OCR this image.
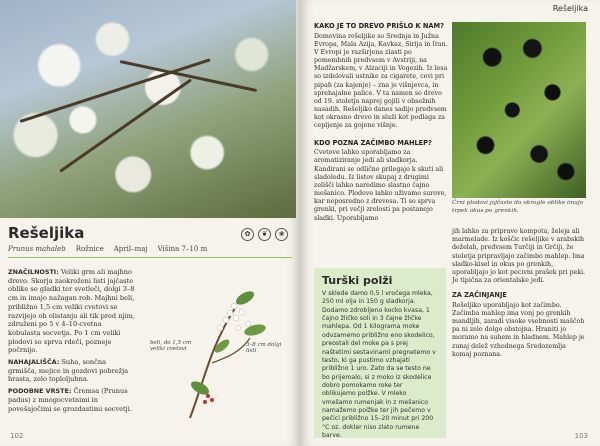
Rešeljika
Prunus mahaleb Rožnice April–maj Višina 7–10 m
✿	❦	❀

ZNAČILNOSTI: Veliki grm ali majhno drevo. Skorja zaokroženi listi jajčaste oblike so gladki ter svetleči, dolgi 3–8 cm in imajo nažagan rob. Majhni beli, približno 1,5 cm veliki cvetovi se razvijejo ob olistanju ali tik pred njim, združeni po 5 v 4–10-cvetna kobulasta socvetja. Po 1 cm veliki plodovi so sprva rdeči, pozneje počrnijo.

NAHAJALIŠČA: Suha, sončna grmišča, mejice in gozdovi pobrežja hrasta, zelo toploljubna.

PODOBNE VRSTE: Čremsa (Prunus padus) z mnogocvetnimi in povešajočimi se grozdastimi socvetji.

beli, do 1,5 cm veliki cvetovi
3–8 cm dolgi listi
102
Rešeljika
KAKO JE TO DREVO PRIŠLO K NAM?

Domovina rešeljike so Srednja in Južna Evropa, Mala Azija, Kavkaz, Sirija in Iran. V Evropi je razširjena zlasti po pomembnih predvsem v Avstriji, na Madžarskem, v Alzaciji in Vogezih. Iz lesa so izdelovali ustnike za cigarete, cevi pri pipah (za kajenje) – zna je višnjevca, in sprehajalne palice. V ta namen so drevo od 19. stoletja naprej gojili v obsežnih nasadih. Rešeljiko danes sadijo predvsem kot okrasno drevo in služi kot podlaga za cepljenje za gojene višnje.

KDO POZNA ZAČIMBO MAHLEP?

Cvetove lahko uporabljamo za aromatiziranje jedi ali sladkorja. Kandirani se odlično prilegajo k skuti ali sladoledu. Iz listov skupaj z drugimi zelišči lahko naredimo slastno čajno mešanico. Plodove lahko uživamo surove, kar neposredno z drevesa. Ti so sprva grenki, pri večji zrelosti pa postanejo sladki. Uporabljamo

Črni plodovi jajčaste do okrogle oblike imajo trpek okus po grenkih.
Turški polži
V sklede damo 0,5 l vročega mleka, 250 ml olja in 150 g sladkorja. Dodamo zdrobljeno kocko kvasa, 1 čajno žličko soli in 3 čajne žličke mahlepa. Od 1 kilograma moke odvzamemo približno eno skodelico, preostali del moke pa s prej naštetimi sestavinami pregnetemo v testo, ki ga pustimo vzhajati približno 1 uro. Zato da se testo ne bo prijemalo, si z moko iz skodelice dobro pomokamo roke ter oblikujemo polžke. V mleko vmešamo rumenjak in z mešanico namažemo polžke ter jih pečemo v pečici približno 15–20 minut pri 200 °C oz. dokler niso zlato rumene barve.

jih lahko za pripravo kompota, želeja ali marmelade. Iz koščic rešeljike v arabskih deželah, predvsem Turčiji in Grčiji, že stoletja pripravljajo začimbo mahlep. Ima sladko-kisel in okus po grenkih, uporabljajo jo kot pecivni prašek pri peki. Je tipična za orientalske jedi.

ZA ZAČINJANJE

Rešeljiko uporabljajo kot začimbo. Začimba mahlep ima vonj po grenkih mandljih, zaradi visoke vsebnosti maščob pa ni zelo dolgo obstojna. Hraniti jo moramo na suhem in hladnem. Mahlep je zunaj delež vzhodnega Sredozemlja komaj poznana.

103
